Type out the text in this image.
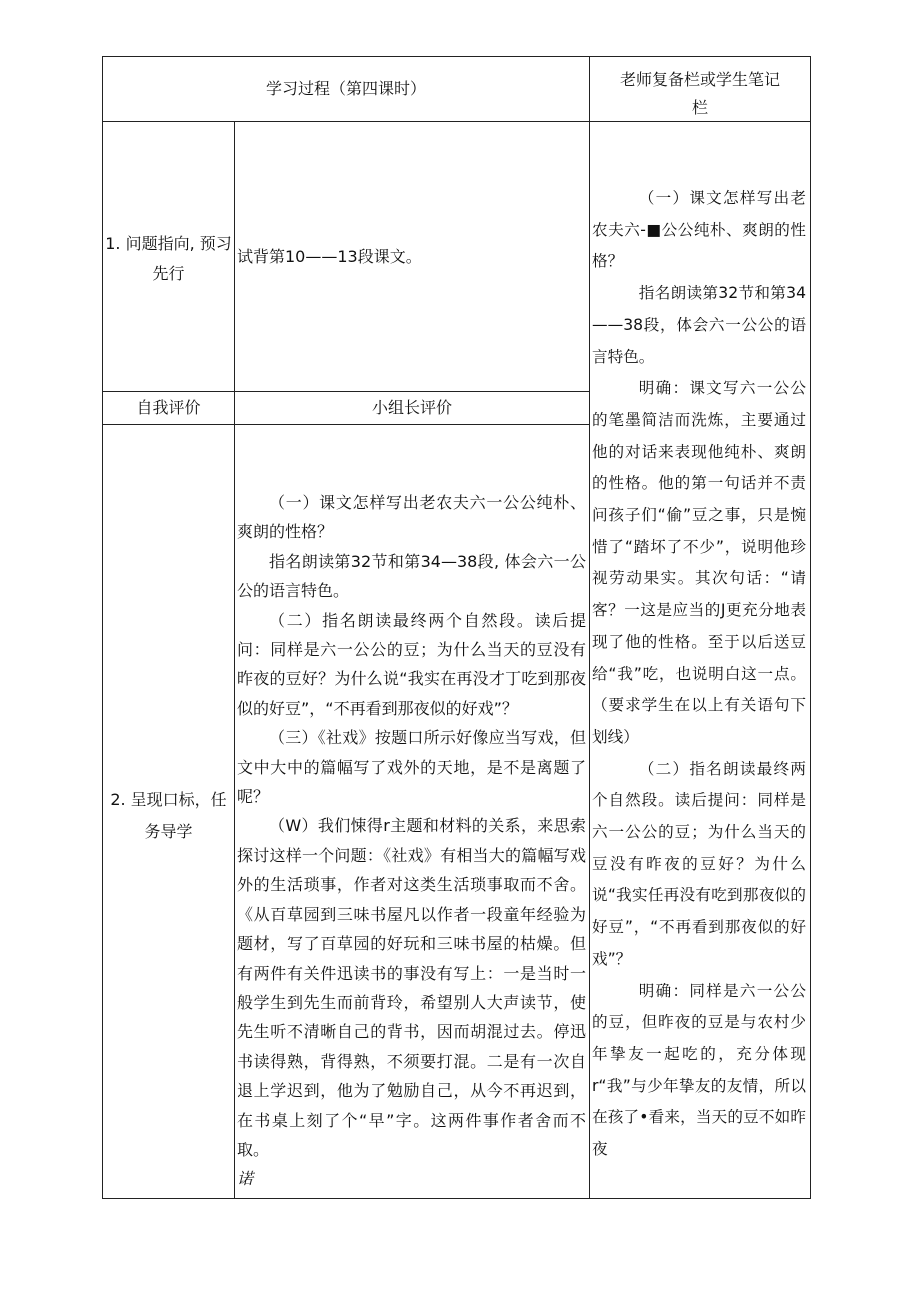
学习过程（第四课时）	老师复备栏或学生笔记
栏
1. 问题指向, 预习
先行
试背第10——13段课文。
自我评价	小组长评价
2. 呈现口标，任
务导学

（一）课文怎样写出老农夫六一公公纯朴、爽朗的性格？

指名朗读第32节和第34—38段, 体会六一公公的语言特色。

（二）指名朗读最终两个自然段。读后提问：同样是六一公公的豆；为什么当天的豆没有昨夜的豆好？为什么说“我实在再没才丁吃到那夜似的好豆”，“不再看到那夜似的好戏”？

（三）《社戏》按题口所示好像应当写戏，但文中大中的篇幅写了戏外的天地，是不是离题了呢？

（W）我们悚得r主题和材料的关系，来思索探讨这样一个问题：《社戏》有相当大的篇幅写戏外的生活琐事，作者对这类生活琐事取而不舍。《从百草园到三味书屋凡以作者一段童年经验为题材，写了百草园的好玩和三味书屋的枯燥。但有两件有关件迅读书的事没有写上：一是当时一般学生到先生而前背玲，希望别人大声读节，使先生听不清晰自己的背书，因而胡混过去。停迅书读得熟，背得熟，不须要打混。二是有一次自退上学迟到，他为了勉励自己，从今不再迟到，在书桌上刻了个“早”字。这两件事作者舍而不取。

诺

（一）课文怎样写出老农夫六-■公公纯朴、爽朗的性格？

指名朗读第32节和第34——38段，体会六一公公的语言特色。

明确：课文写六一公公的笔墨简洁而洗炼，主要通过他的对话来表现他纯朴、爽朗的性格。他的第一句话并不责问孩子们“偷”豆之事，只是惋惜了“踏坏了不少”，说明他珍视劳动果实。其次句话：“请客？一这是应当的J更充分地表现了他的性格。至于以后送豆给“我”吃，也说明白这一点。（要求学生在以上有关语句下划线）

（二）指名朗读最终两个自然段。读后提问：同样是六一公公的豆；为什么当天的豆没有昨夜的豆好？为什么说“我实任再没有吃到那夜似的好豆”，“不再看到那夜似的好戏”？

明确：同样是六一公公的豆，但昨夜的豆是与农村少年挚友一起吃的，充分体现r“我”与少年挚友的友情，所以在孩了•看来，当天的豆不如昨夜
